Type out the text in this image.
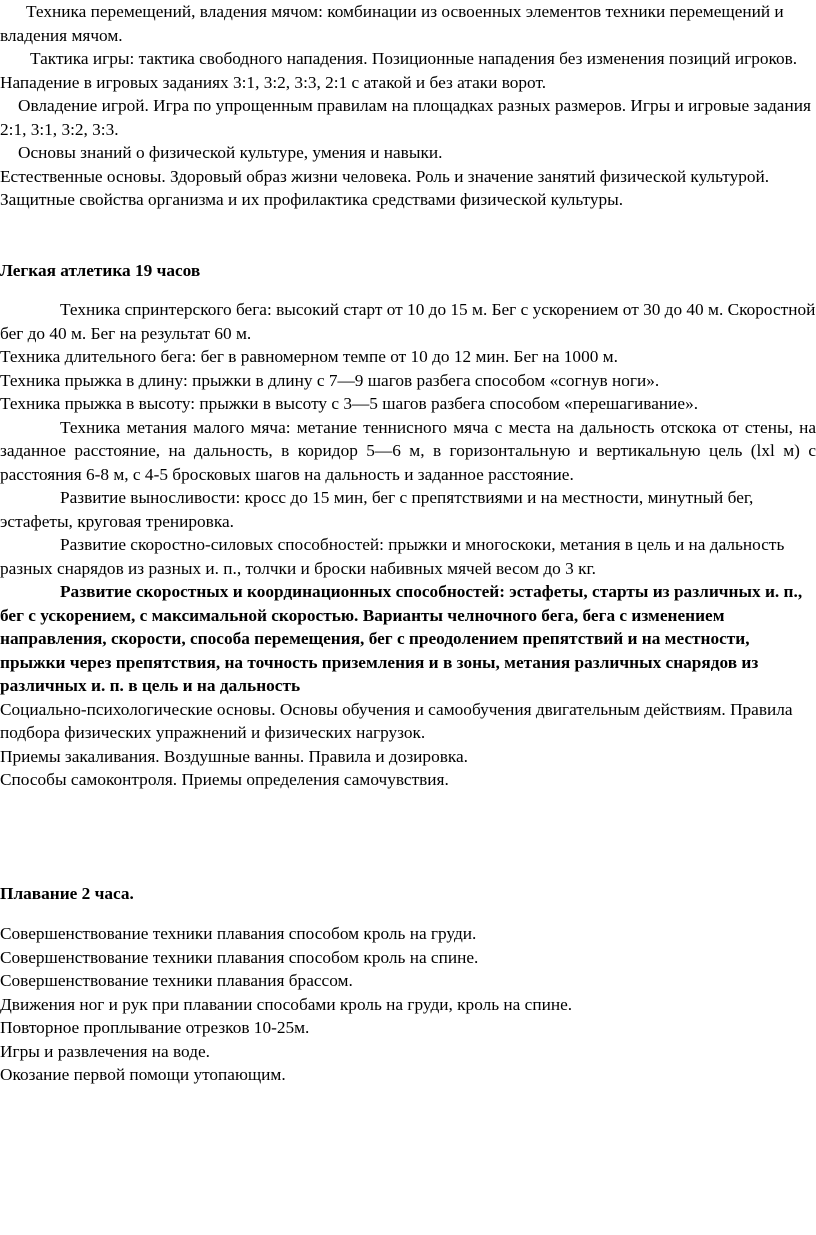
Техника перемещений, владения мячом: комбинации из освоенных элементов техники перемещений и владения мячом.

Тактика игры: тактика свободного нападения. Позиционные нападения без изменения позиций игроков. Нападение в игровых заданиях 3:1, 3:2, 3:3, 2:1 с атакой и без атаки ворот.

Овладение игрой. Игра по упрощенным правилам на площадках разных размеров. Игры и игровые задания 2:1, 3:1, 3:2, 3:3.

Основы знаний о физической культуре, умения и навыки.

Естественные основы. Здоровый образ жизни человека. Роль и значение занятий физической культурой. Защитные свойства организма и их профилактика средствами физической культуры.

Легкая атлетика 19 часов

Техника спринтерского бега: высокий старт от 10 до 15 м. Бег с ускорением от 30 до 40 м. Скоростной бег до 40 м. Бег на результат 60 м.

Техника длительного бега: бег в равномерном темпе от 10 до 12 мин. Бег на 1000 м.

Техника прыжка в длину: прыжки в длину с 7—9 шагов разбега способом «согнув ноги».

Техника прыжка в высоту: прыжки в высоту с 3—5 шагов разбега способом «перешагивание».

Техника метания малого мяча: метание теннисного мяча с места на дальность отскока от стены, на заданное расстояние, на дальность, в коридор 5—6 м, в горизонтальную и вертикальную цель (lxl м) с расстояния 6-8 м, с 4-5 бросковых шагов на дальность и заданное расстояние.

Развитие выносливости: кросс до 15 мин, бег с препятствиями и на местности, минутный бег, эстафеты, круговая тренировка.

Развитие скоростно-силовых способностей: прыжки и многоскоки, метания в цель и на дальность разных снарядов из разных и. п., толчки и броски набивных мячей весом до 3 кг.

Развитие скоростных и координационных способностей: эстафеты, старты из различных и. п., бег с ускорением, с максимальной скоростью. Варианты челночного бега, бега с изменением направления, скорости, способа перемещения, бег с преодолением препятствий и на местности, прыжки через препятствия, на точность приземления и в зоны, метания различных снарядов из различных и. п. в цель и на дальность

Социально-психологические основы. Основы обучения и самообучения двигательным действиям. Правила подбора физических упражнений и физических нагрузок.

Приемы закаливания. Воздушные ванны. Правила и дозировка.

Способы самоконтроля. Приемы определения самочувствия.

Плавание 2 часа.

Совершенствование техники плавания способом кроль на груди.

Совершенствование техники плавания способом кроль на спине.

Совершенствование техники плавания брассом.

Движения ног и рук при плавании способами кроль на груди, кроль на спине.

Повторное проплывание отрезков 10-25м.

Игры и развлечения на воде.

Окозание первой помощи утопающим.
